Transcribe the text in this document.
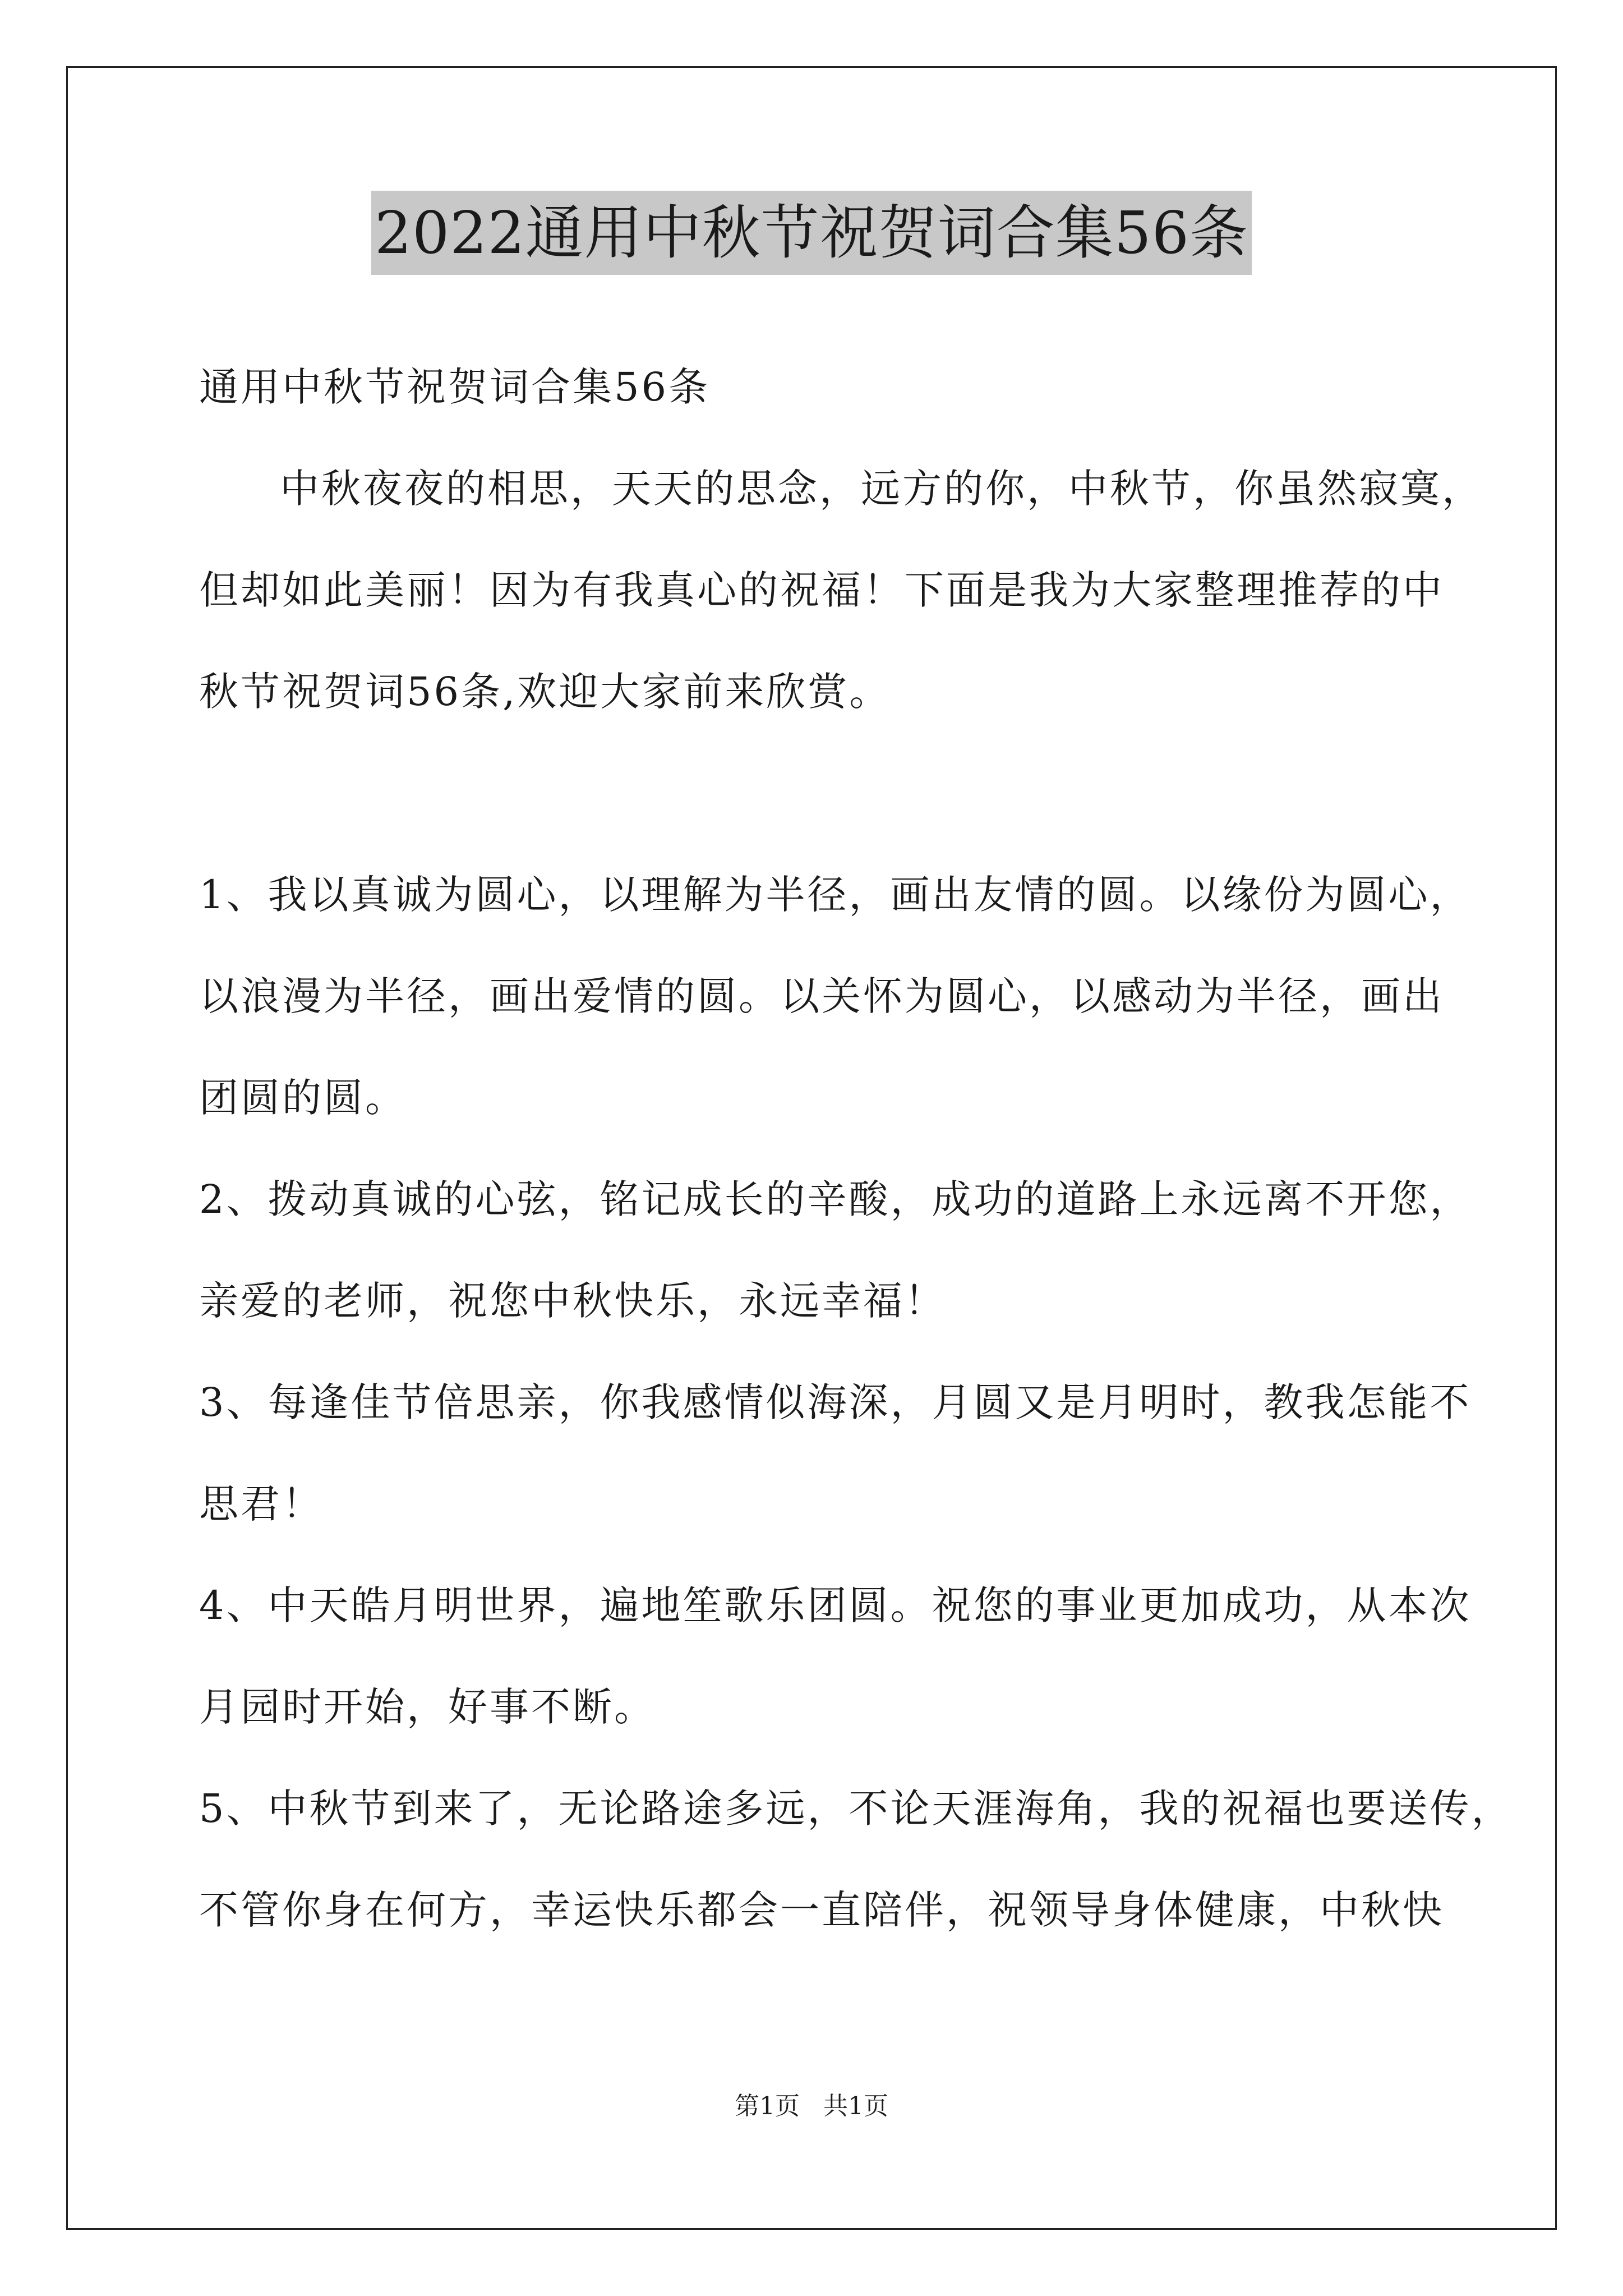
2022通用中秋节祝贺词合集56条
通用中秋节祝贺词合集56条
中秋夜夜的相思，天天的思念，远方的你，中秋节，你虽然寂寞，
但却如此美丽！因为有我真心的祝福！下面是我为大家整理推荐的中
秋节祝贺词56条,欢迎大家前来欣赏。
1、我以真诚为圆心，以理解为半径，画出友情的圆。以缘份为圆心，
以浪漫为半径，画出爱情的圆。以关怀为圆心，以感动为半径，画出
团圆的圆。
2、拨动真诚的心弦，铭记成长的辛酸，成功的道路上永远离不开您，
亲爱的老师，祝您中秋快乐，永远幸福！
3、每逢佳节倍思亲，你我感情似海深，月圆又是月明时，教我怎能不
思君！
4、中天皓月明世界，遍地笙歌乐团圆。祝您的事业更加成功，从本次
月园时开始，好事不断。
5、中秋节到来了，无论路途多远，不论天涯海角，我的祝福也要送传，
不管你身在何方，幸运快乐都会一直陪伴，祝领导身体健康，中秋快
第1页   共1页
